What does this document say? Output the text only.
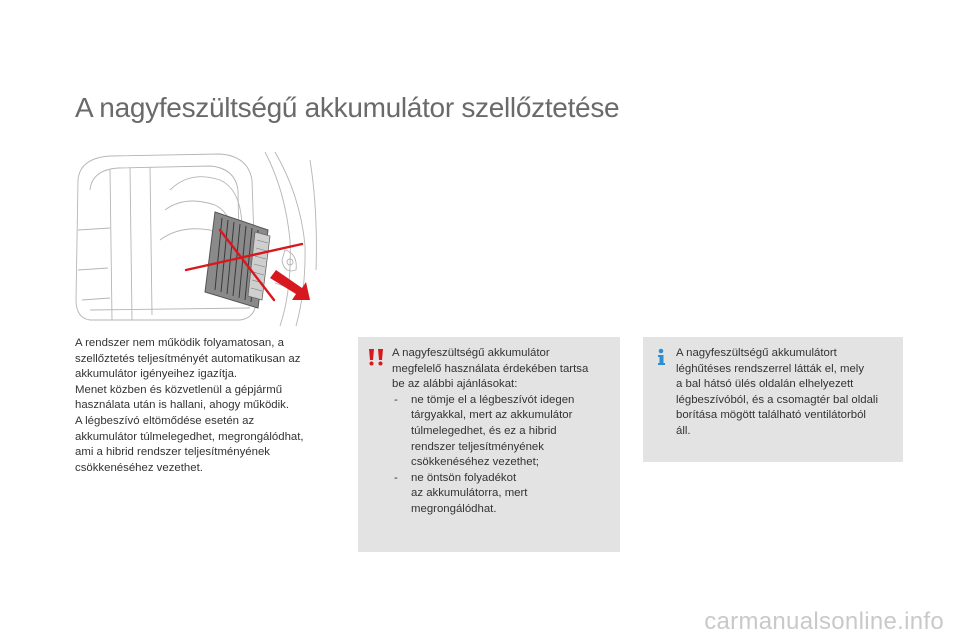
A nagyfeszültségű akkumulátor szellőztetése

A rendszer nem működik folyamatosan, a

szellőztetés teljesítményét automatikusan az

akkumulátor igényeihez igazítja.

Menet közben és közvetlenül a gépjármű

használata után is hallani, ahogy működik.

A légbeszívó eltömődése esetén az

akkumulátor túlmelegedhet, megrongálódhat,

ami a hibrid rendszer teljesítményének

csökkenéséhez vezethet.

A nagyfeszültségű akkumulátor

megfelelő használata érdekében tartsa

be az alábbi ajánlásokat:

- ne tömje el a légbeszívót idegen
tárgyakkal, mert az akkumulátor
túlmelegedhet, és ez a hibrid
rendszer teljesítményének
csökkenéséhez vezethet;
- ne öntsön folyadékot
az akkumulátorra, mert
megrongálódhat.

A nagyfeszültségű akkumulátort

léghűtéses rendszerrel látták el, mely

a bal hátsó ülés oldalán elhelyezett

légbeszívóból, és a csomagtér bal oldali

borítása mögött található ventilátorból

áll.

carmanualsonline.info
